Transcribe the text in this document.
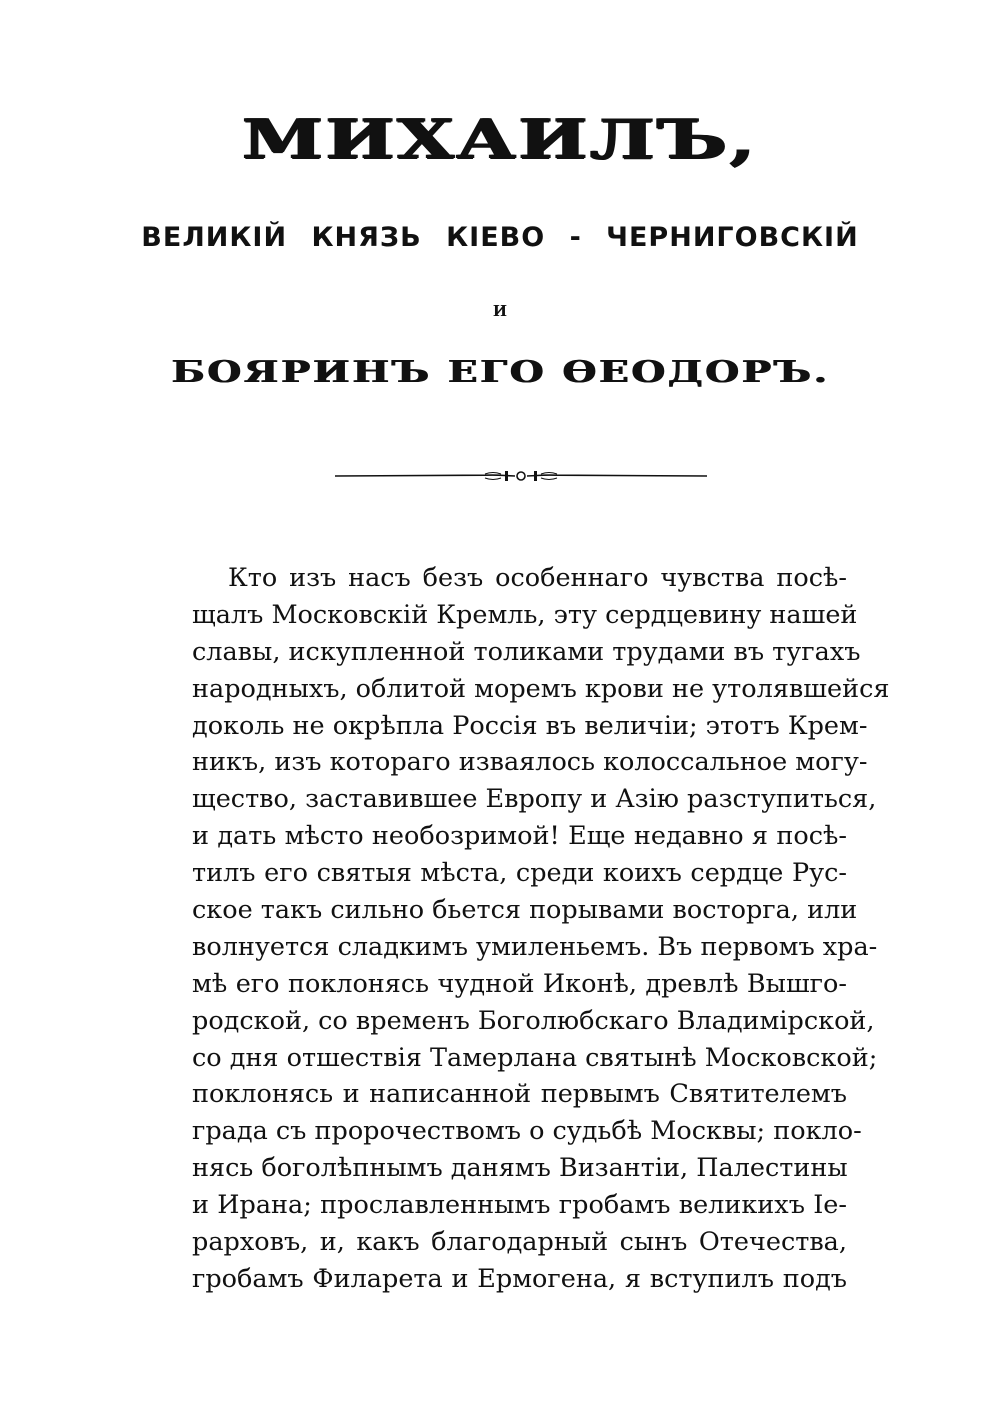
МИХАИЛЪ,
ВЕЛИКІЙ КНЯЗЬ КІЕВО - ЧЕРНИГОВСКІЙ
И
БОЯРИНЪ ЕГО ѲЕОДОРЪ.
Кто изъ насъ безъ особеннаго чувства посѣ-
щалъ Московскій Кремль, эту сердцевину нашей
славы, искупленной толиками трудами въ тугахъ
народныхъ, облитой моремъ крови не утолявшейся
доколь не окрѣпла Россія въ величіи; этотъ Крем-
никъ, изъ котораго изваялось колоссальное могу-
щество, заставившее Европу и Азію разступиться,
и дать мѣсто необозримой! Еще недавно я посѣ-
тилъ его святыя мѣста, среди коихъ сердце Рус-
ское такъ сильно бьется порывами восторга, или
волнуется сладкимъ умиленьемъ. Въ первомъ хра-
мѣ его поклонясь чудной Иконѣ, древлѣ Вышго-
родской, со временъ Боголюбскаго Владимірской,
со дня отшествія Тамерлана святынѣ Московской;
поклонясь и написанной первымъ Святителемъ
града съ пророчествомъ о судьбѣ Москвы; покло-
нясь боголѣпнымъ данямъ Византіи, Палестины
и Ирана; прославленнымъ гробамъ великихъ Іе-
рарховъ, и, какъ благодарный сынъ Отечества,
гробамъ Филарета и Ермогена, я вступилъ подъ
